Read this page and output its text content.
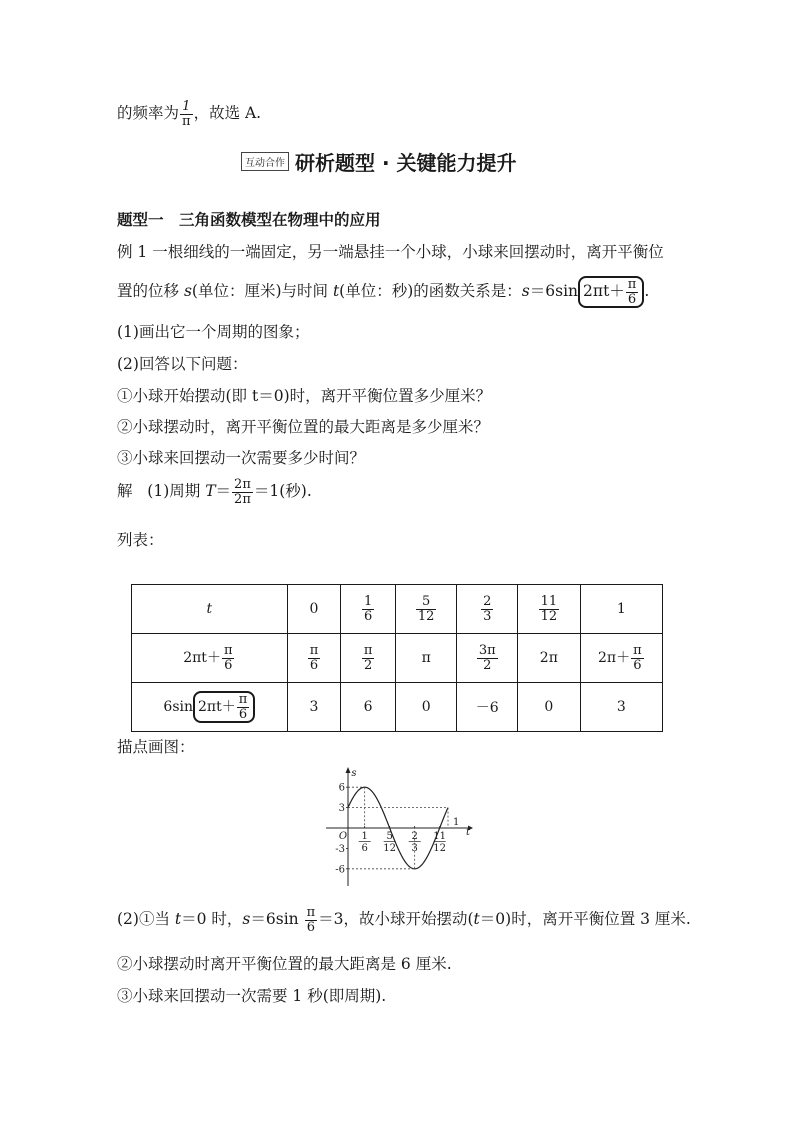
的频率为 $\frac{1}{\pi}$ ，故选 A.
互动合作 研析题型 · 关键能力提升
题型一　三角函数模型在物理中的应用
例 1 一根细线的一端固定，另一端悬挂一个小球，小球来回摆动时，离开平衡位
置的位移 s(单位：厘米)与时间 t(单位：秒)的函数关系是：s＝6sin $2\pi t+ \frac{\pi}{6}$ .
(1)画出它一个周期的图象；
(2)回答以下问题：
①小球开始摆动(即 t＝0)时，离开平衡位置多少厘米？
②小球摆动时，离开平衡位置的最大距离是多少厘米？
③小球来回摆动一次需要多少时间？
解 (1)周期 $T= \frac{2\pi}{2\pi} =1$(秒).
列表：
t	0	$\frac{1}{6}$	$\frac{5}{12}$	$\frac{2}{3}$	$\frac{11}{12}$	1
$2\pi t+ \frac{\pi}{6}$	$\frac{\pi}{6}$	$\frac{\pi}{2}$	π	$\frac{3\pi}{2}$	2π	$2\pi+ \frac{\pi}{6}$

6sin $2\pi t+ \frac{\pi}{6}$	3	6	0	－6	0	3
描点画图：
6
3
-3
-6
s
t
O 1
6
5
12
2
3
11
12
1
(2)①当 t＝0 时，$s=6\sin \frac{\pi}{6} =3$，故小球开始摆动(t＝0)时，离开平衡位置 3 厘米.
②小球摆动时离开平衡位置的最大距离是 6 厘米.
③小球来回摆动一次需要 1 秒(即周期).
